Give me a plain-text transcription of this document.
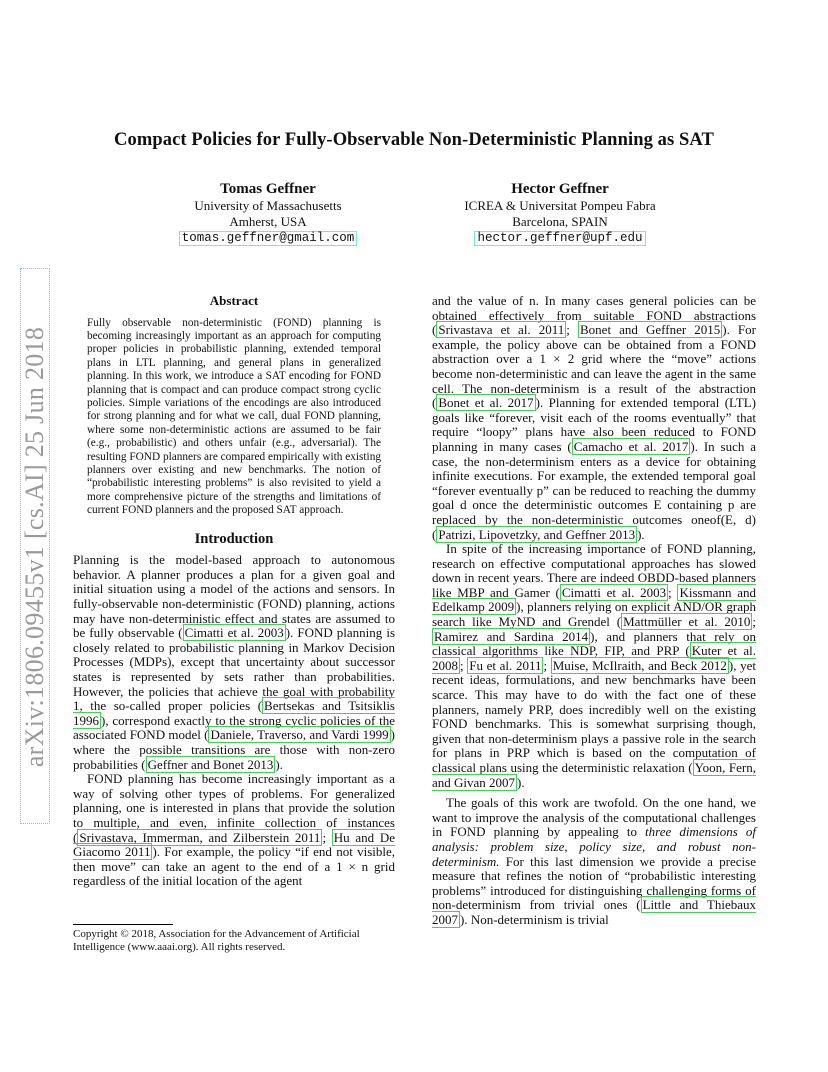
Compact Policies for Fully-Observable Non-Deterministic Planning as SAT
Tomas Geffner
University of Massachusetts
Amherst, USA
tomas.geffner@gmail.com
Hector Geffner
ICREA & Universitat Pompeu Fabra
Barcelona, SPAIN
hector.geffner@upf.edu
arXiv:1806.09455v1 [cs.AI] 25 Jun 2018
Abstract
Fully observable non-deterministic (FOND) planning is becoming increasingly important as an approach for computing proper policies in probabilistic planning, extended temporal plans in LTL planning, and general plans in generalized planning. In this work, we introduce a SAT encoding for FOND planning that is compact and can produce compact strong cyclic policies. Simple variations of the encodings are also introduced for strong planning and for what we call, dual FOND planning, where some non-deterministic actions are assumed to be fair (e.g., probabilistic) and others unfair (e.g., adversarial). The resulting FOND planners are compared empirically with existing planners over existing and new benchmarks. The notion of “probabilistic interesting problems” is also revisited to yield a more comprehensive picture of the strengths and limitations of current FOND planners and the proposed SAT approach.
Introduction

Planning is the model-based approach to autonomous behavior. A planner produces a plan for a given goal and initial situation using a model of the actions and sensors. In fully-observable non-deterministic (FOND) planning, actions may have non-deterministic effect and states are assumed to be fully observable ( Cimatti et al. 2003 ). FOND planning is closely related to probabilistic planning in Markov Decision Processes (MDPs), except that uncertainty about successor states is represented by sets rather than probabilities. However, the policies that achieve the goal with probability 1, the so-called proper policies ( Bertsekas and Tsitsiklis 1996 ), correspond exactly to the strong cyclic policies of the associated FOND model ( Daniele, Traverso, and Vardi 1999 ) where the possible transitions are those with non-zero probabilities ( Geffner and Bonet 2013 ).

FOND planning has become increasingly important as a way of solving other types of problems. For generalized planning, one is interested in plans that provide the solution to multiple, and even, infinite collection of instances ( Srivastava, Immerman, and Zilberstein 2011 ; Hu and De Giacomo 2011 ). For example, the policy “if end not visible, then move” can take an agent to the end of a 1 × n grid regardless of the initial location of the agent

Copyright © 2018, Association for the Advancement of Artificial Intelligence (www.aaai.org). All rights reserved.

and the value of n. In many cases general policies can be obtained effectively from suitable FOND abstractions ( Srivastava et al. 2011 ; Bonet and Geffner 2015 ). For example, the policy above can be obtained from a FOND abstraction over a 1 × 2 grid where the “move” actions become non-deterministic and can leave the agent in the same cell. The non-determinism is a result of the abstraction ( Bonet et al. 2017 ). Planning for extended temporal (LTL) goals like “forever, visit each of the rooms eventually” that require “loopy” plans have also been reduced to FOND planning in many cases ( Camacho et al. 2017 ). In such a case, the non-determinism enters as a device for obtaining infinite executions. For example, the extended temporal goal “forever eventually p” can be reduced to reaching the dummy goal d once the deterministic outcomes E containing p are replaced by the non-deterministic outcomes oneof(E, d) ( Patrizi, Lipovetzky, and Geffner 2013 ).

In spite of the increasing importance of FOND planning, research on effective computational approaches has slowed down in recent years. There are indeed OBDD-based planners like MBP and Gamer ( Cimatti et al. 2003 ; Kissmann and Edelkamp 2009 ), planners relying on explicit AND/OR graph search like MyND and Grendel ( Mattmüller et al. 2010 ; Ramirez and Sardina 2014 ), and planners that rely on classical algorithms like NDP, FIP, and PRP ( Kuter et al. 2008 ; Fu et al. 2011 ; Muise, McIlraith, and Beck 2012 ), yet recent ideas, formulations, and new benchmarks have been scarce. This may have to do with the fact one of these planners, namely PRP, does incredibly well on the existing FOND benchmarks. This is somewhat surprising though, given that non-determinism plays a passive role in the search for plans in PRP which is based on the computation of classical plans using the deterministic relaxation ( Yoon, Fern, and Givan 2007 ).

The goals of this work are twofold. On the one hand, we want to improve the analysis of the computational challenges in FOND planning by appealing to three dimensions of analysis: problem size, policy size, and robust non-determinism. For this last dimension we provide a precise measure that refines the notion of “probabilistic interesting problems” introduced for distinguishing challenging forms of non-determinism from trivial ones ( Little and Thiebaux 2007 ). Non-determinism is trivial
